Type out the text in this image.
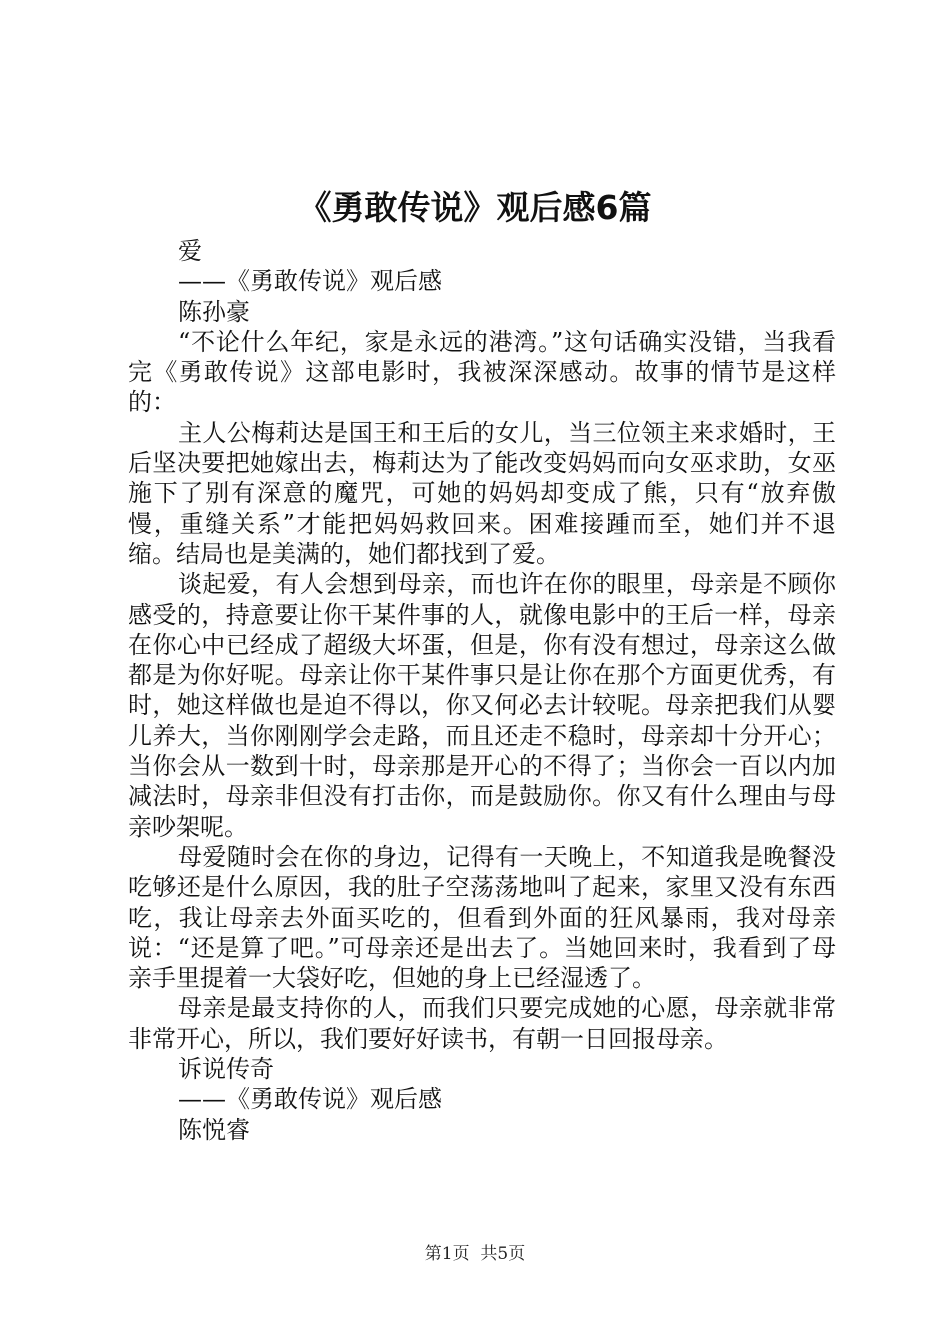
《勇敢传说》观后感6篇

爱

——《勇敢传说》观后感

陈孙豪

“不论什么年纪，家是永远的港湾。”这句话确实没错，当我看完《勇敢传说》这部电影时，我被深深感动。故事的情节是这样的：

主人公梅莉达是国王和王后的女儿，当三位领主来求婚时，王后坚决要把她嫁出去，梅莉达为了能改变妈妈而向女巫求助，女巫施下了别有深意的魔咒，可她的妈妈却变成了熊，只有“放弃傲慢，重缝关系”才能把妈妈救回来。困难接踵而至，她们并不退缩。结局也是美满的，她们都找到了爱。

谈起爱，有人会想到母亲，而也许在你的眼里，母亲是不顾你感受的，持意要让你干某件事的人，就像电影中的王后一样，母亲在你心中已经成了超级大坏蛋，但是，你有没有想过，母亲这么做都是为你好呢。母亲让你干某件事只是让你在那个方面更优秀，有时，她这样做也是迫不得以，你又何必去计较呢。母亲把我们从婴儿养大，当你刚刚学会走路，而且还走不稳时，母亲却十分开心；当你会从一数到十时，母亲那是开心的不得了；当你会一百以内加减法时，母亲非但没有打击你，而是鼓励你。你又有什么理由与母亲吵架呢。

母爱随时会在你的身边，记得有一天晚上，不知道我是晚餐没吃够还是什么原因，我的肚子空荡荡地叫了起来，家里又没有东西吃，我让母亲去外面买吃的，但看到外面的狂风暴雨，我对母亲说：“还是算了吧。”可母亲还是出去了。当她回来时，我看到了母亲手里提着一大袋好吃，但她的身上已经湿透了。

母亲是最支持你的人，而我们只要完成她的心愿，母亲就非常非常开心，所以，我们要好好读书，有朝一日回报母亲。

诉说传奇

——《勇敢传说》观后感

陈悦睿

第1页  共5页
